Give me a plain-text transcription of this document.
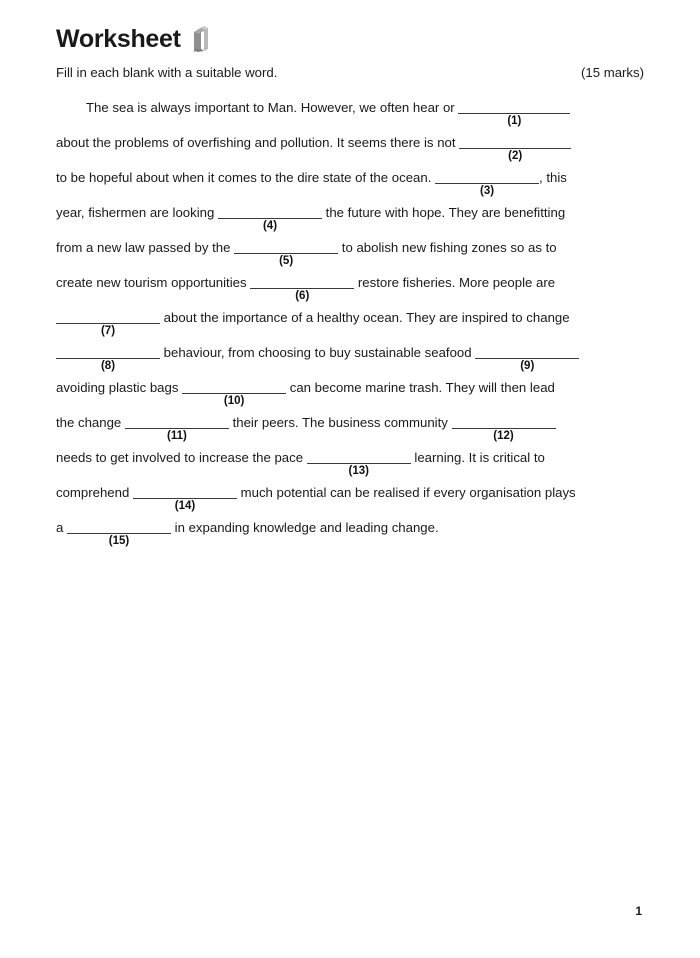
Worksheet
Fill in each blank with a suitable word.	(15 marks)
The sea is always important to Man. However, we often hear or
(1)
about the problems of overfishing and pollution. It seems there is not
(2)
to be hopeful about when it comes to the dire state of the ocean.
(3)
, this
year, fishermen are looking
(4)
the future with hope. They are benefitting
from a new law passed by the
(5)
to abolish new fishing zones so as to
create new tourism opportunities
(6)
restore fisheries. More people are
(7)
about the importance of a healthy ocean. They are inspired to change
(8)
behaviour, from choosing to buy sustainable seafood
(9)
avoiding plastic bags
(10)
can become marine trash. They will then lead
the change
(11)
their peers. The business community
(12)
needs to get involved to increase the pace
(13)
learning. It is critical to
comprehend
(14)
much potential can be realised if every organisation plays
a
(15)
in expanding knowledge and leading change.
1
